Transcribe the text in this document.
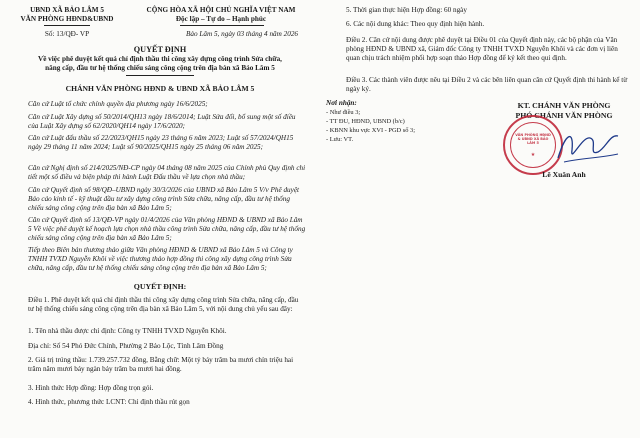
UBND XÃ BẢO LÂM 5
VĂN PHÒNG HĐND&UBND
Số: 13/QĐ- VP
CỘNG HÒA XÃ HỘI CHỦ NGHĨA VIỆT NAM
Độc lập – Tự do – Hạnh phúc
Bảo Lâm 5, ngày 03 tháng 4 năm 2026
QUYẾT ĐỊNH
Về việc phê duyệt kết quả chỉ định thầu thi công xây dựng công trình Sửa chữa,
nâng cấp, đầu tư hệ thống chiếu sáng công cộng trên địa bàn xã Bảo Lâm 5
CHÁNH VĂN PHÒNG HĐND & UBND XÃ BẢO LÂM 5
Căn cứ Luật tổ chức chính quyền địa phương ngày 16/6/2025;
Căn cứ Luật Xây dựng số 50/2014/QH13 ngày 18/6/2014; Luật Sửa đổi, bổ sung một số điều của Luật Xây dựng số 62/2020/QH14 ngày 17/6/2020;
Căn cứ Luật đấu thầu số 22/2023/QH15 ngày 23 tháng 6 năm 2023; Luật số 57/2024/QH15 ngày 29 tháng 11 năm 2024; Luật số 90/2025/QH15 ngày 25 tháng 06 năm 2025;
Căn cứ Nghị định số 214/2025/NĐ-CP ngày 04 tháng 08 năm 2025 của Chính phủ Quy định chi tiết một số điều và biện pháp thi hành Luật Đấu thầu về lựa chọn nhà thầu;
Căn cứ Quyết định số 98/QĐ–UBND ngày 30/3/2026 của UBND xã Bảo Lâm 5 V/v Phê duyệt Báo cáo kinh tế - kỹ thuật đầu tư xây dựng công trình Sửa chữa, nâng cấp, đầu tư hệ thống chiếu sáng công cộng trên địa bàn xã Bảo Lâm 5;
Căn cứ Quyết định số 13/QĐ-VP ngày 01/4/2026 của Văn phòng HĐND & UBND xã Bảo Lâm 5 Về việc phê duyệt kế hoạch lựa chọn nhà thầu công trình Sửa chữa, nâng cấp, đầu tư hệ thống chiếu sáng công cộng trên địa bàn xã Bảo Lâm 5;
Tiếp theo Biên bản thương thảo giữa Văn phòng HĐND & UBND xã Bảo Lâm 5 và Công ty TNHH TVXD Nguyễn Khôi về việc thương thảo hợp đồng thi công xây dựng công trình Sửa chữa, nâng cấp, đầu tư hệ thống chiếu sáng công cộng trên địa bàn xã Bảo Lâm 5;
QUYẾT ĐỊNH:
Điều 1. Phê duyệt kết quả chỉ định thầu thi công xây dựng công trình Sửa chữa, nâng cấp, đầu tư hệ thống chiếu sáng công cộng trên địa bàn xã Bảo Lâm 5, với nội dung chủ yếu sau đây:
1. Tên nhà thầu được chỉ định: Công ty TNHH TVXD Nguyễn Khôi.
Địa chỉ: Số 54 Phó Đức Chính, Phường 2 Bảo Lộc, Tỉnh Lâm Đồng
2. Giá trị trúng thầu: 1.739.257.732 đồng, Bằng chữ: Một tỷ bảy trăm ba mươi chín triệu hai trăm năm mươi bảy ngàn bảy trăm ba mươi hai đồng.
3. Hình thức Hợp đồng: Hợp đồng trọn gói.
4. Hình thức, phương thức LCNT: Chỉ định thầu rút gọn
5. Thời gian thực hiện Hợp đồng: 60 ngày
6. Các nội dung khác: Theo quy định hiện hành.
Điều 2. Căn cứ nội dung được phê duyệt tại Điều 01 của Quyết định này, các bộ phận của Văn phòng HĐND & UBND xã, Giám đốc Công ty TNHH TVXD Nguyễn Khôi và các đơn vị liên quan chịu trách nhiệm phối hợp soạn thảo Hợp đồng để ký kết theo qui định.
Điều 3. Các thành viên được nêu tại Điều 2 và các bên liên quan căn cứ Quyết định thi hành kể từ ngày ký.
Nơi nhận:
- Như điều 3;
- TT ĐU, HĐND, UBND (b/c)
- KBNN khu vực XVI - PGD số 3;
- Lưu: VT.
KT. CHÁNH VĂN PHÒNG
PHÓ CHÁNH VĂN PHÒNG
VĂN PHÒNG HĐND & UBND XÃ BẢO LÂM 5
★
Lê Xuân Anh
